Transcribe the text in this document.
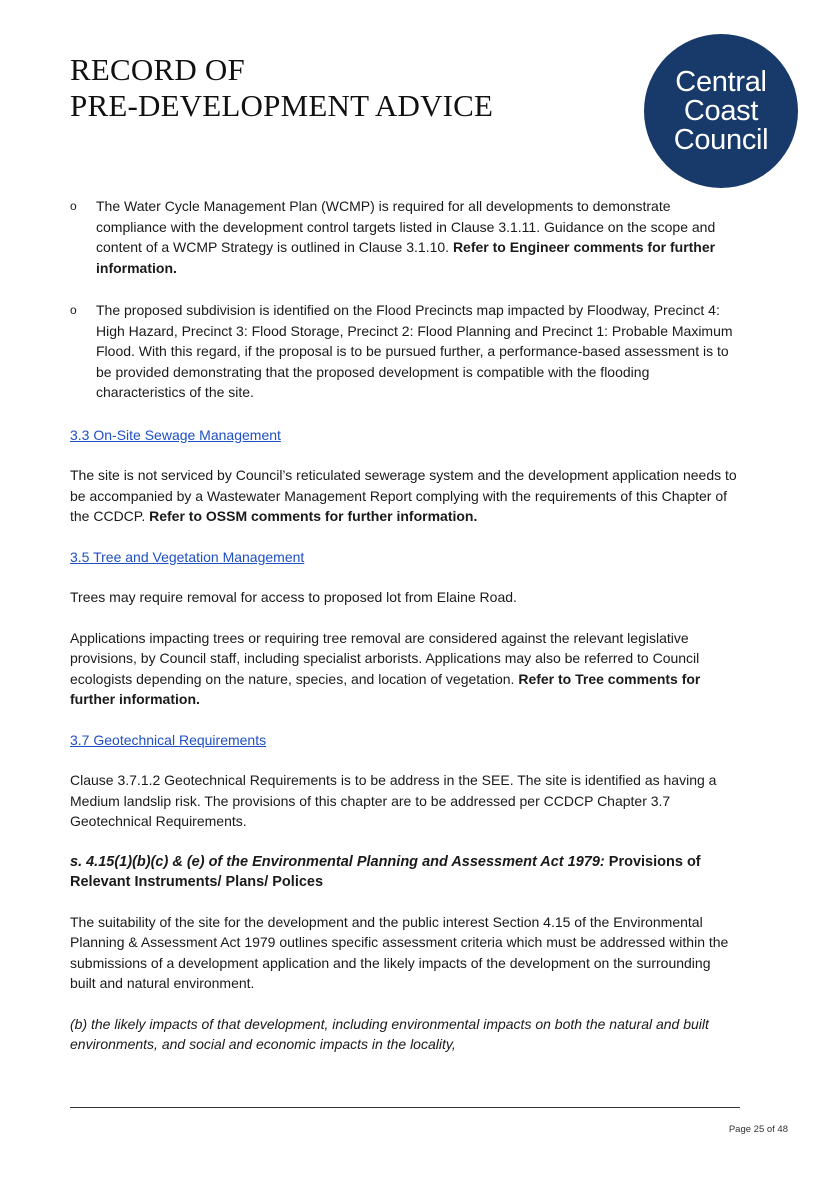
RECORD OF
PRE-DEVELOPMENT ADVICE
Central
Coast
Council
o The Water Cycle Management Plan (WCMP) is required for all developments to demonstrate compliance with the development control targets listed in Clause 3.1.11. Guidance on the scope and content of a WCMP Strategy is outlined in Clause 3.1.10. Refer to Engineer comments for further information.
o The proposed subdivision is identified on the Flood Precincts map impacted by Floodway, Precinct 4: High Hazard, Precinct 3: Flood Storage, Precinct 2: Flood Planning and Precinct 1: Probable Maximum Flood. With this regard, if the proposal is to be pursued further, a performance-based assessment is to be provided demonstrating that the proposed development is compatible with the flooding characteristics of the site.
3.3 On-Site Sewage Management

The site is not serviced by Council’s reticulated sewerage system and the development application needs to be accompanied by a Wastewater Management Report complying with the requirements of this Chapter of the CCDCP. Refer to OSSM comments for further information.

3.5 Tree and Vegetation Management

Trees may require removal for access to proposed lot from Elaine Road.

Applications impacting trees or requiring tree removal are considered against the relevant legislative provisions, by Council staff, including specialist arborists. Applications may also be referred to Council ecologists depending on the nature, species, and location of vegetation. Refer to Tree comments for further information.

3.7 Geotechnical Requirements

Clause 3.7.1.2 Geotechnical Requirements is to be address in the SEE. The site is identified as having a Medium landslip risk. The provisions of this chapter are to be addressed per CCDCP Chapter 3.7 Geotechnical Requirements.

s. 4.15(1)(b)(c) & (e) of the Environmental Planning and Assessment Act 1979: Provisions of Relevant Instruments/ Plans/ Polices

The suitability of the site for the development and the public interest Section 4.15 of the Environmental Planning & Assessment Act 1979 outlines specific assessment criteria which must be addressed within the submissions of a development application and the likely impacts of the development on the surrounding built and natural environment.

(b) the likely impacts of that development, including environmental impacts on both the natural and built environments, and social and economic impacts in the locality,

Page 25 of 48
